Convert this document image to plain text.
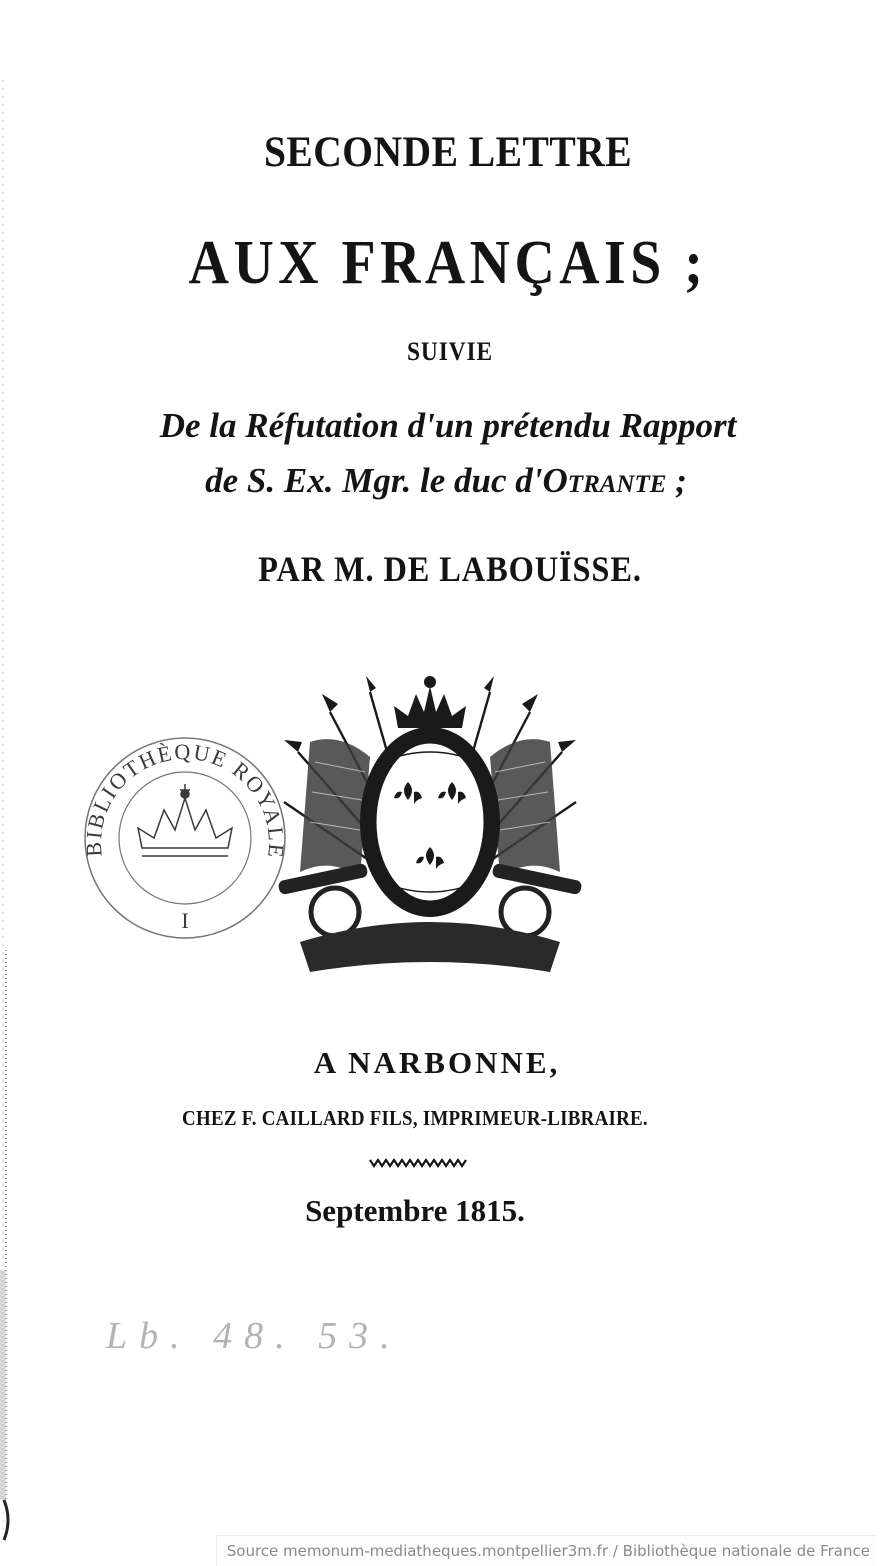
SECONDE LETTRE
AUX FRANÇAIS ;
SUIVIE
De la Réfutation d'un prétendu Rapport
de S. Ex. Mgr. le duc d'Otrante ;
PAR M. DE LABOUÏSSE.
BIBLIOTHÈQUE ROYALE
I
A NARBONNE,
CHEZ F. CAILLARD FILS, IMPRIMEUR-LIBRAIRE.
Septembre 1815.
Lb. 48. 53.
Source memonum-mediatheques.montpellier3m.fr / Bibliothèque nationale de France
